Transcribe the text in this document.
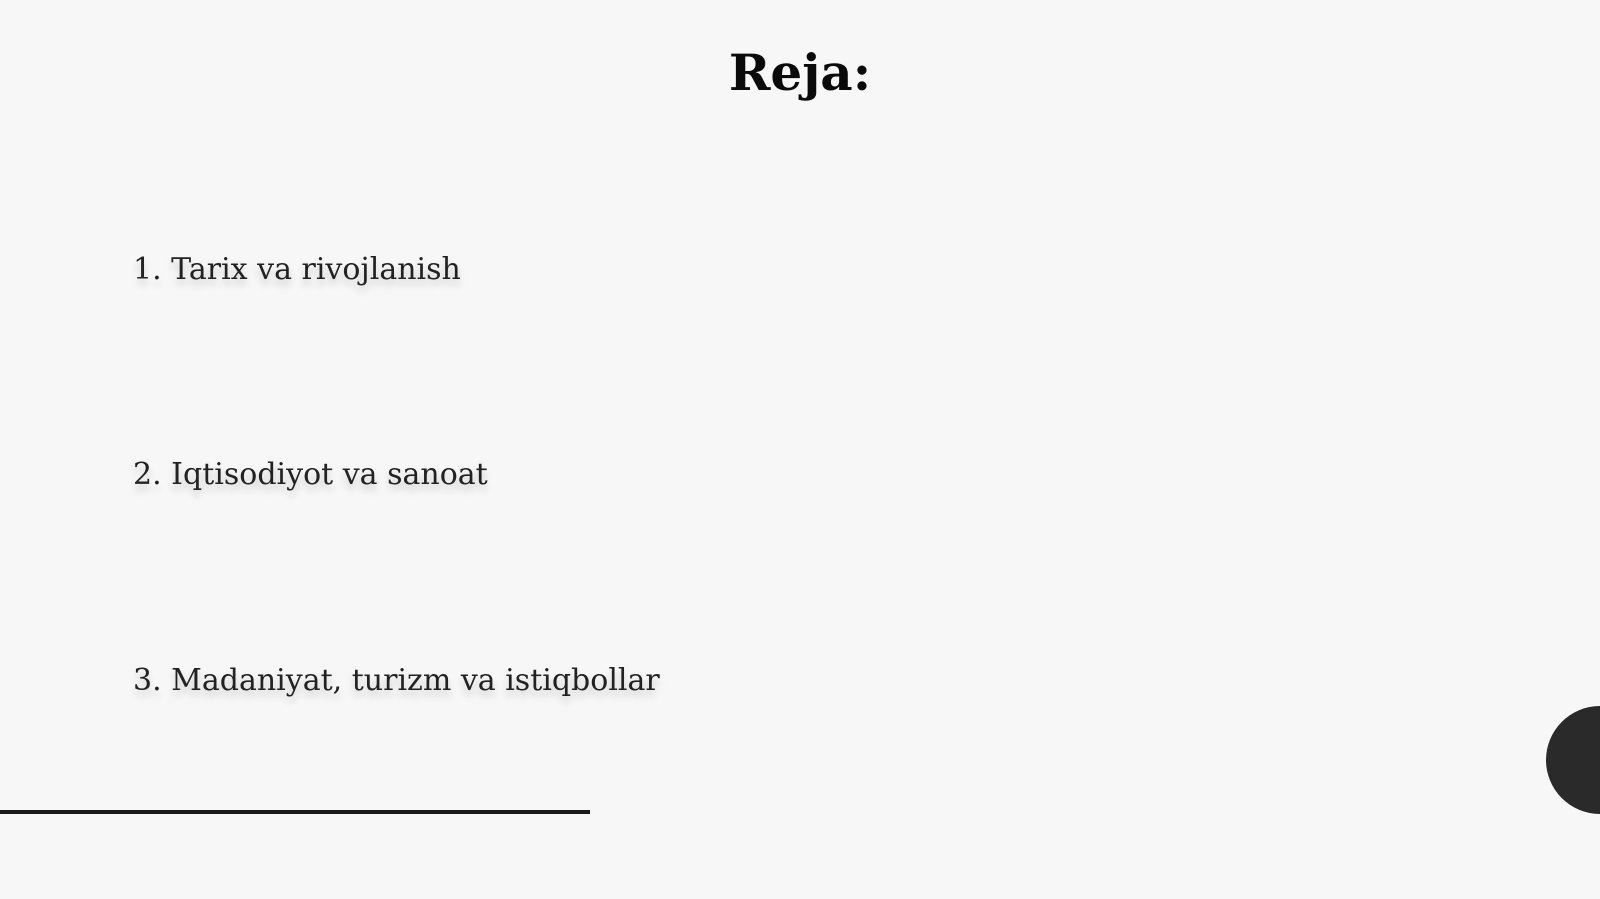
Reja:
1. Tarix va rivojlanish
2. Iqtisodiyot va sanoat
3. Madaniyat, turizm va istiqbollar
